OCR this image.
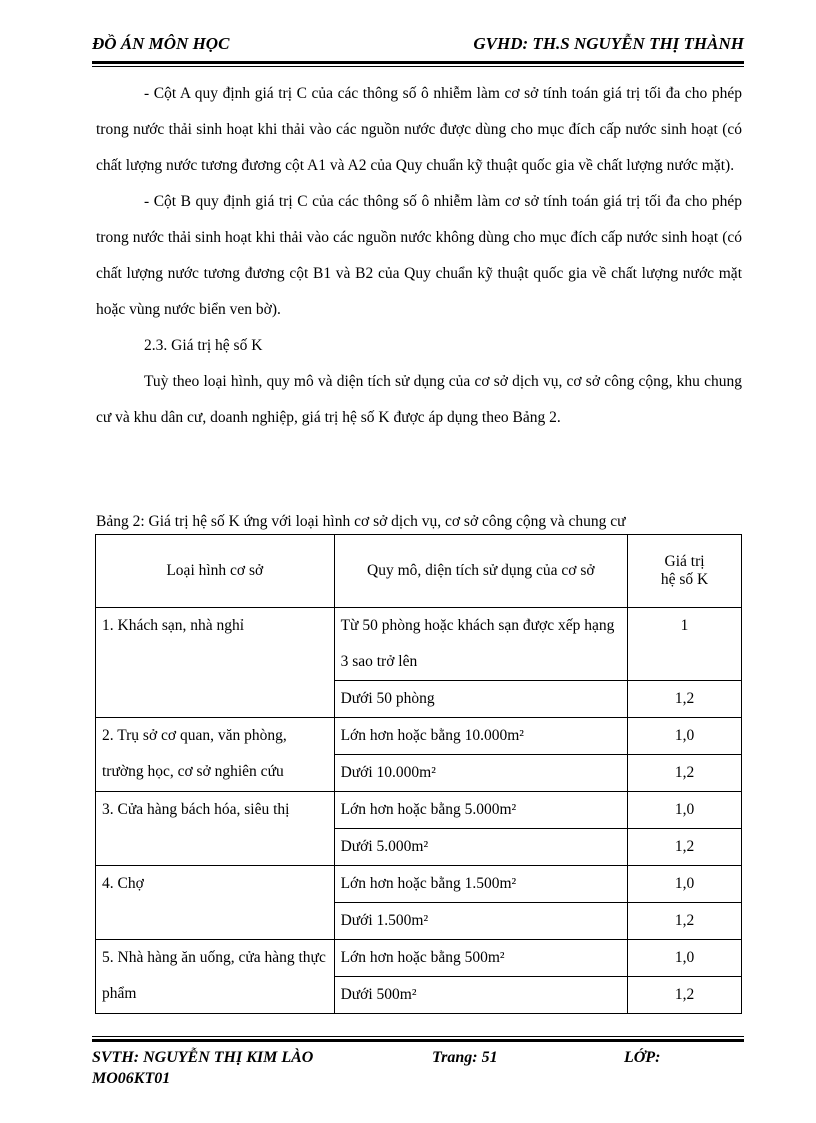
ĐỒ ÁN MÔN HỌC	GVHD: TH.S NGUYỄN THỊ THÀNH

- Cột A quy định giá trị C của các thông số ô nhiễm làm cơ sở tính toán giá trị tối đa cho phép trong nước thải sinh hoạt khi thải vào các nguồn nước được dùng cho mục đích cấp nước sinh hoạt (có chất lượng nước tương đương cột A1 và A2 của Quy chuẩn kỹ thuật quốc gia về chất lượng nước mặt).

- Cột B quy định giá trị C của các thông số ô nhiễm làm cơ sở tính toán giá trị tối đa cho phép trong nước thải sinh hoạt khi thải vào các nguồn nước không dùng cho mục đích cấp nước sinh hoạt (có chất lượng nước tương đương cột B1 và B2 của Quy chuẩn kỹ thuật quốc gia về chất lượng nước mặt hoặc vùng nước biển ven bờ).

2.3. Giá trị hệ số K

Tuỳ theo loại hình, quy mô và diện tích sử dụng của cơ sở dịch vụ, cơ sở công cộng, khu chung cư và khu dân cư, doanh nghiệp, giá trị hệ số K được áp dụng theo Bảng 2.

Bảng 2: Giá trị hệ số K ứng với loại hình cơ sở dịch vụ, cơ sở công cộng và chung cư
Loại hình cơ sở	Quy mô, diện tích sử dụng của cơ sở	Giá trị hệ số K
1. Khách sạn, nhà nghỉ	Từ 50 phòng hoặc khách sạn được xếp hạng 3 sao trở lên	1
	Dưới 50 phòng	1,2
2. Trụ sở cơ quan, văn phòng, trường học, cơ sở nghiên cứu	Lớn hơn hoặc bằng 10.000m²	1,0
	Dưới 10.000m²	1,2
3. Cửa hàng bách hóa, siêu thị	Lớn hơn hoặc bằng 5.000m²	1,0
	Dưới 5.000m²	1,2
4. Chợ	Lớn hơn hoặc bằng 1.500m²	1,0
	Dưới 1.500m²	1,2
5. Nhà hàng ăn uống, cửa hàng thực phẩm	Lớn hơn hoặc bằng 500m²	1,0
	Dưới 500m²	1,2
SVTH: NGUYỄN THỊ KIM LÀO	Trang: 51	LỚP:
MO06KT01
